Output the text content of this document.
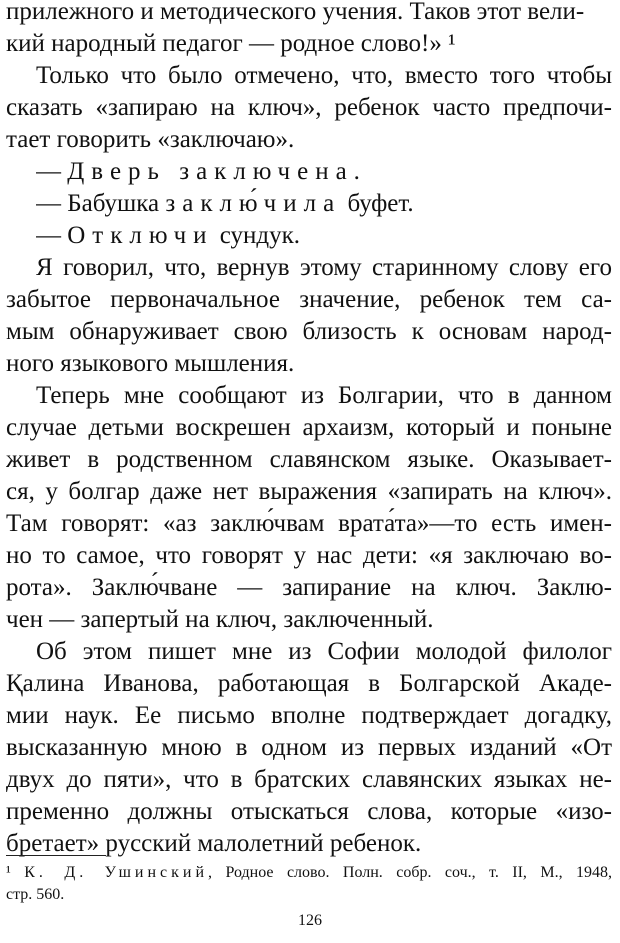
прилежного и методического учения. Таков этот вели-
кий народный педагог — родное слово!» ¹
Только что было отмечено, что, вместо того чтобы
сказать «запираю на ключ», ребенок часто предпочи-
тает говорить «заключаю».
— Дверь заключена.
— Бабушка заклю́чила буфет.
— Отключи сундук.
Я говорил, что, вернув этому старинному слову его
забытое первоначальное значение, ребенок тем са-
мым обнаруживает свою близость к основам народ-
ного языкового мышления.
Теперь мне сообщают из Болгарии, что в данном
случае детьми воскрешен архаизм, который и поныне
живет в родственном славянском языке. Оказывает-
ся, у болгар даже нет выражения «запирать на ключ».
Там говорят: «аз заклю́чвам врата́та»—то есть имен-
но то самое, что говорят у нас дети: «я заключаю во-
рота». Заклю́чване — запирание на ключ. Заклю-
чен — запертый на ключ, заключенный.
Об этом пишет мне из Софии молодой филолог
Қалина Иванова, работающая в Болгарской Акаде-
мии наук. Ее письмо вполне подтверждает догадку,
высказанную мною в одном из первых изданий «От
двух до пяти», что в братских славянских языках не-
пременно должны отыскаться слова, которые «изо-
бретает» русский малолетний ребенок.
¹ К. Д. Ушинский, Родное слово. Полн. собр. соч., т. II, М., 1948,
стр. 560.
126
